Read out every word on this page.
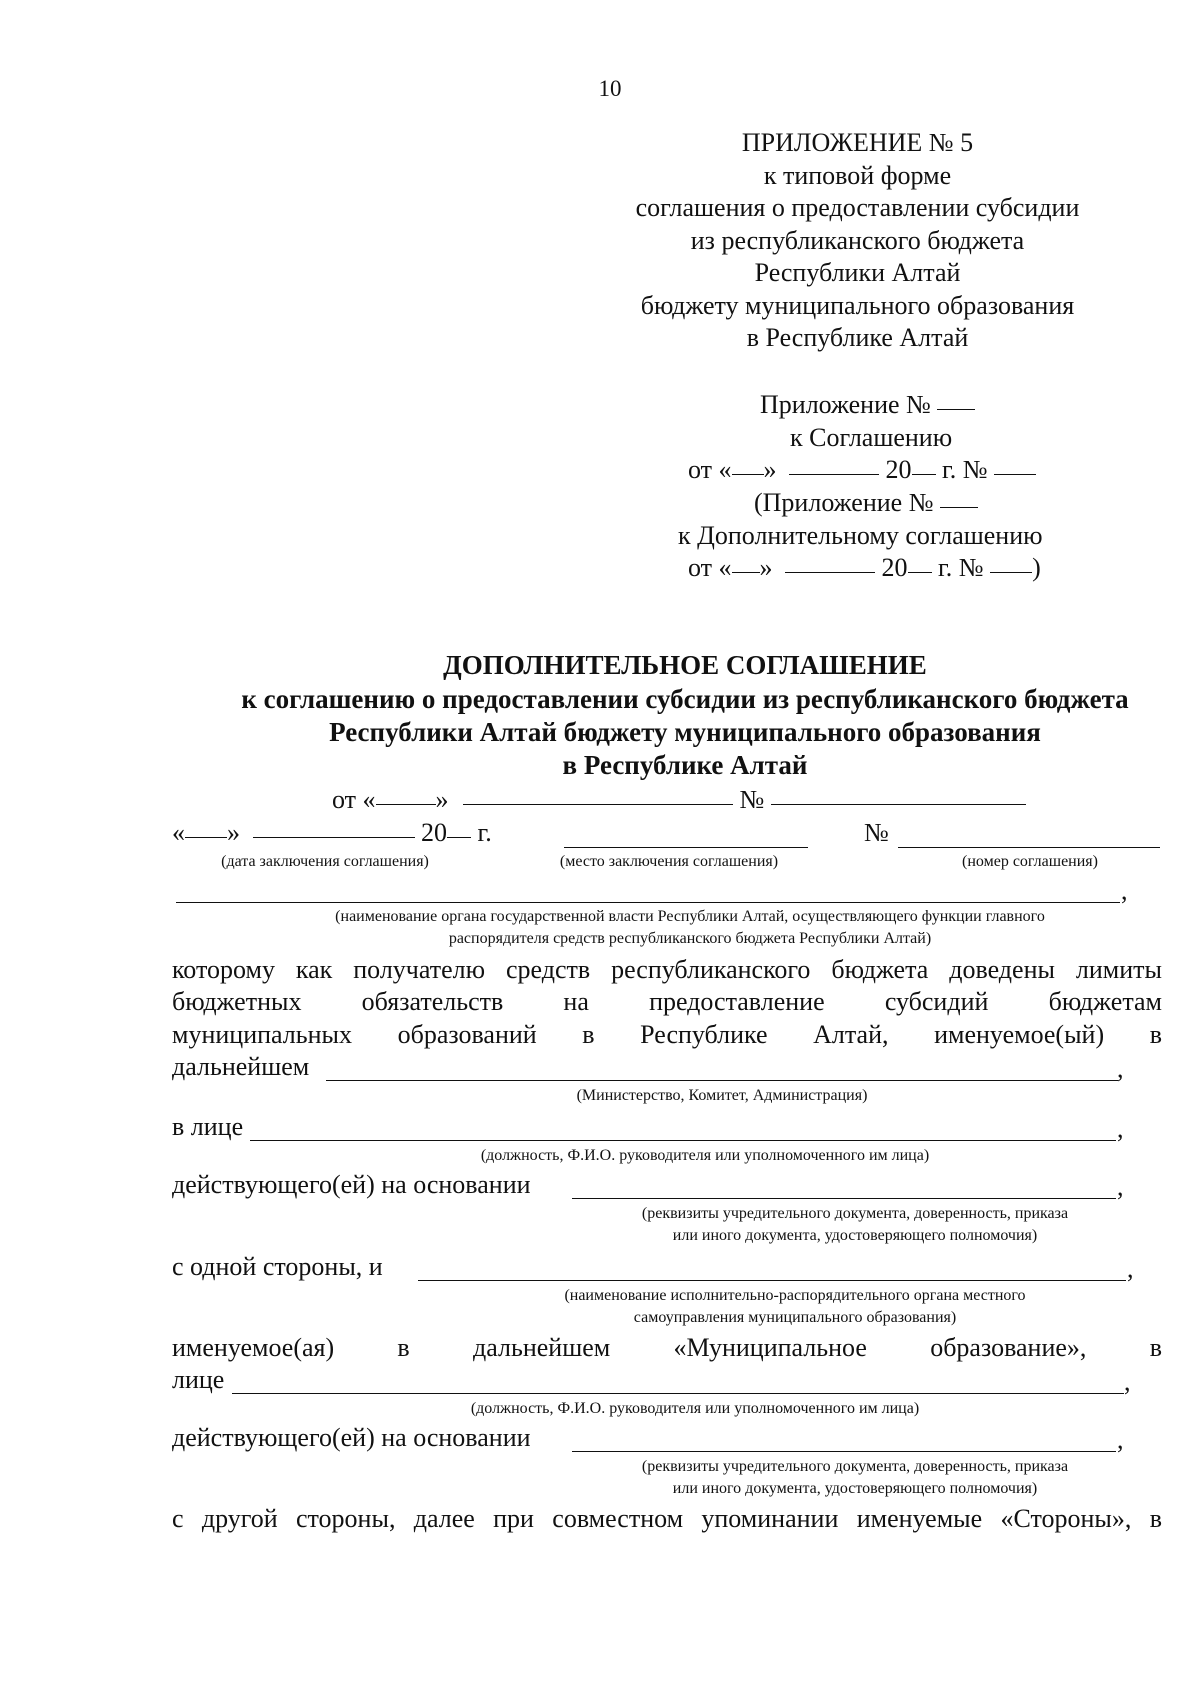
10
ПРИЛОЖЕНИЕ № 5
к типовой форме
соглашения о предоставлении субсидии
из республиканского бюджета
Республики Алтай
бюджету муниципального образования
в Республике Алтай
Приложение №
к Соглашению
от « »	20 г. №
(Приложение №
к Дополнительному соглашению
от « »	20 г. № )
ДОПОЛНИТЕЛЬНОЕ СОГЛАШЕНИЕ
к соглашению о предоставлении субсидии из республиканского бюджета
Республики Алтай бюджету муниципального образования
в Республике Алтай
от « »	№
« »	20 г.	№
(дата заключения соглашения)	(место заключения соглашения)	(номер соглашения)
,
(наименование органа государственной власти Республики Алтай, осуществляющего функции главного
распорядителя средств республиканского бюджета Республики Алтай)
которому как получателю средств республиканского бюджета доведены лимиты
бюджетных обязательств на предоставление субсидий бюджетам
муниципальных образований в Республике Алтай, именуемое(ый) в
дальнейшем	,
(Министерство, Комитет, Администрация)
в лице	,
(должность, Ф.И.О. руководителя или уполномоченного им лица)
действующего(ей) на основании	,
(реквизиты учредительного документа, доверенность, приказа
или иного документа, удостоверяющего полномочия)
с одной стороны, и	,
(наименование исполнительно-распорядительного органа местного
самоуправления муниципального образования)
именуемое(ая) в дальнейшем «Муниципальное образование», в
лице	,
(должность, Ф.И.О. руководителя или уполномоченного им лица)
действующего(ей) на основании	,
(реквизиты учредительного документа, доверенность, приказа
или иного документа, удостоверяющего полномочия)
с другой стороны, далее при совместном упоминании именуемые «Стороны», в
